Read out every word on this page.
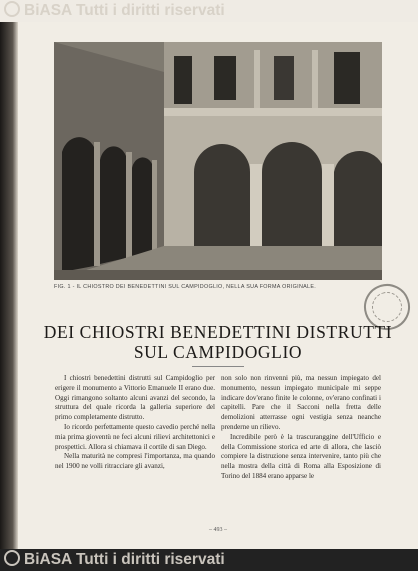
BiASA Tutti i diritti riservati
FIG. 1 - IL CHIOSTRO DEI BENEDETTINI SUL CAMPIDOGLIO, NELLA SUA FORMA ORIGINALE.
DEI CHIOSTRI BENEDETTINI DISTRUTTI
SUL CAMPIDOGLIO

I chiostri benedettini distrutti sul Campidoglio per erigere il monumento a Vittorio Emanuele II erano due. Oggi rimangono soltanto alcuni avanzi del secondo, la struttura del quale ricorda la galleria superiore del primo completamente distrutto.

Io ricordo perfettamente questo cavedio perché nella mia prima gioventù ne feci alcuni rilievi architettonici e prospettici. Allora si chiamava il cortile di san Diego.

Nella maturità ne compresi l'importanza, ma quando nel 1900 ne volli ritracciare gli avanzi,

non solo non rinvenni più, ma nessun impiegato del monumento, nessun impiegato municipale mi seppe indicare dov'erano finite le colonne, ov'erano confinati i capitelli. Pare che il Sacconi nella fretta delle demolizioni atterrasse ogni vestigia senza neanche prenderne un rilievo.

Incredibile però è la trascuranggine dell'Ufficio e della Commissione storica ed arte di allora, che lasciò compiere la distruzione senza intervenire, tanto più che nella mostra della città di Roma alla Esposizione di Torino del 1884 erano apparse le

– 493 –
BiASA Tutti i diritti riservati
